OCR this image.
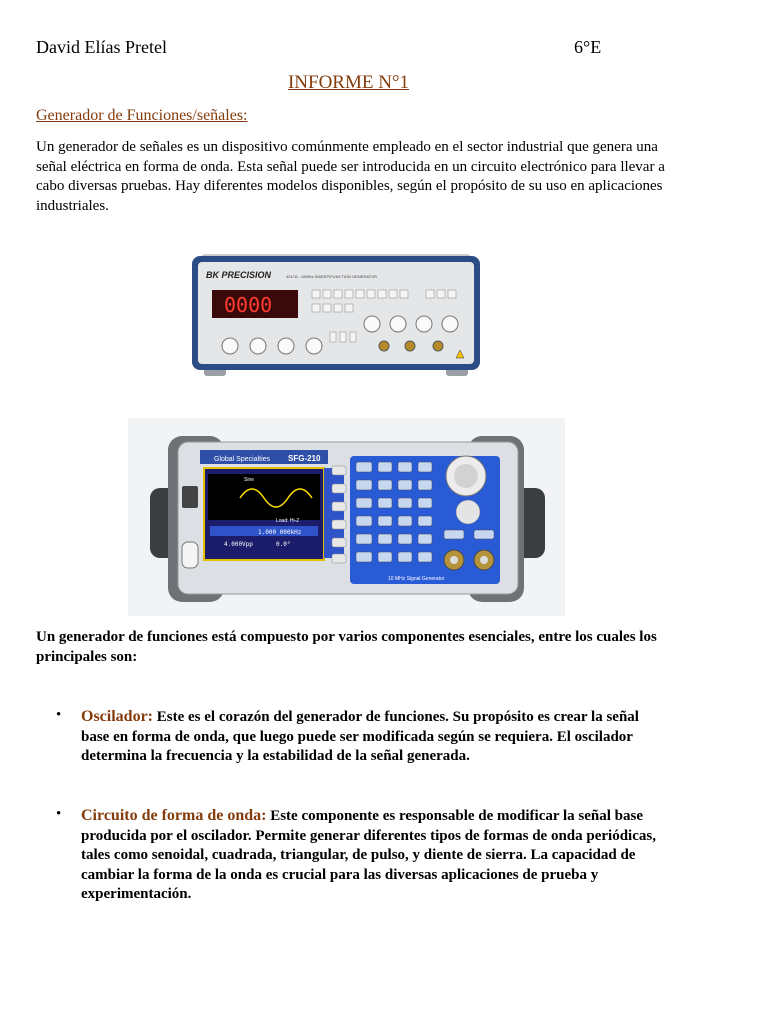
David Elías Pretel	6°E
INFORME N°1
Generador de Funciones/señales:
Un generador de señales es un dispositivo comúnmente empleado en el sector industrial que genera una señal eléctrica en forma de onda. Esta señal puede ser introducida en un circuito electrónico para llevar a cabo diversas pruebas. Hay diferentes modelos disponibles, según el propósito de su uso en aplicaciones industriales.
BK PRECISION	4017A - 10MHz SWEEP/FUNCTION GENERATOR
0000
Global Specialties SFG-210
Sine
Load: Hi-Z
1.000 000kHz
4.000Vpp	0.0°
10 MHz Signal Generator
Un generador de funciones está compuesto por varios componentes esenciales, entre los cuales los principales son:
• Oscilador: Este es el corazón del generador de funciones. Su propósito es crear la señal base en forma de onda, que luego puede ser modificada según se requiera. El oscilador determina la frecuencia y la estabilidad de la señal generada.
• Circuito de forma de onda: Este componente es responsable de modificar la señal base producida por el oscilador. Permite generar diferentes tipos de formas de onda periódicas, tales como senoidal, cuadrada, triangular, de pulso, y diente de sierra. La capacidad de cambiar la forma de la onda es crucial para las diversas aplicaciones de prueba y experimentación.
